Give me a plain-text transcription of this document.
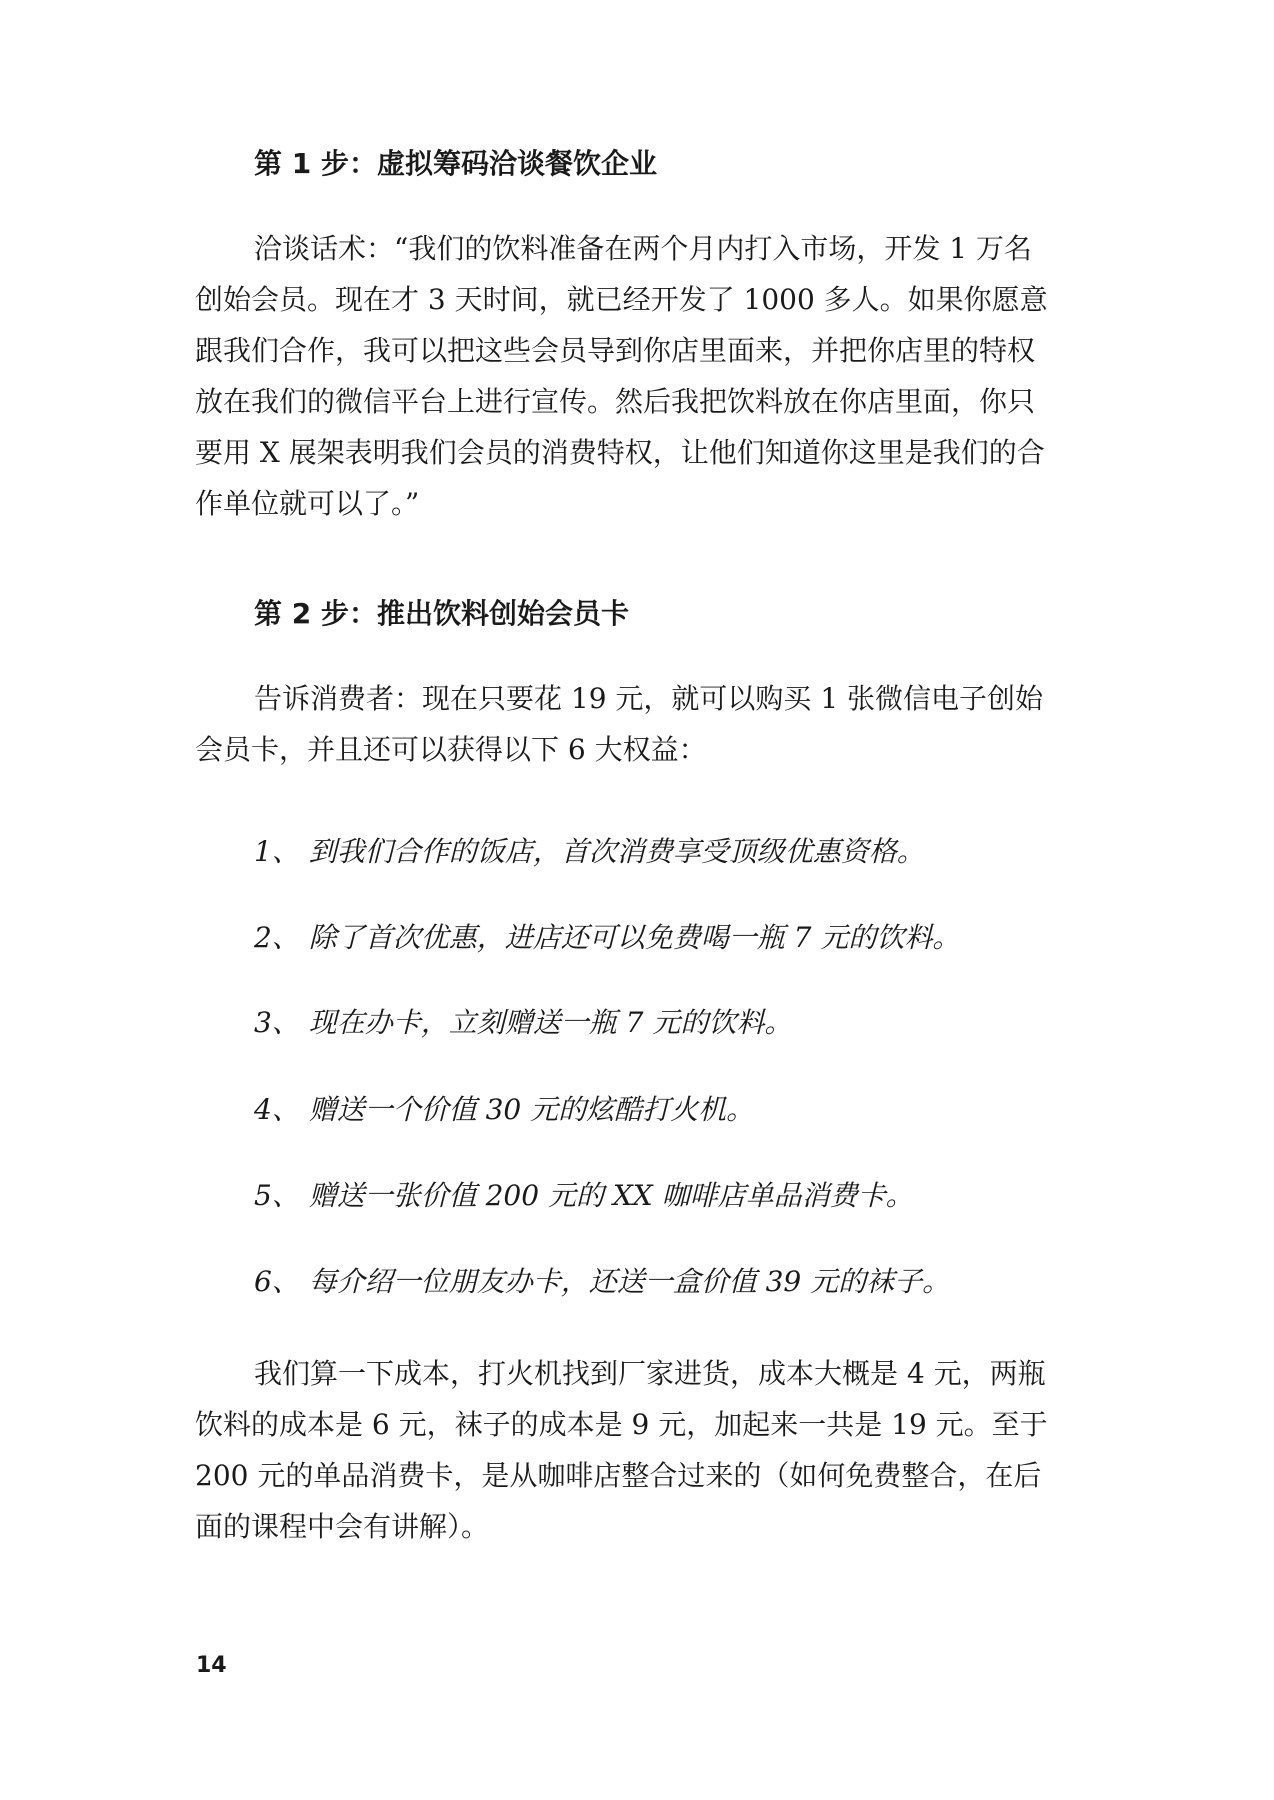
第 1 步：虚拟筹码洽谈餐饮企业
洽谈话术：“我们的饮料准备在两个月内打入市场，开发 1 万名
创始会员。现在才 3 天时间，就已经开发了 1000 多人。如果你愿意
跟我们合作，我可以把这些会员导到你店里面来，并把你店里的特权
放在我们的微信平台上进行宣传。然后我把饮料放在你店里面，你只
要用 X 展架表明我们会员的消费特权，让他们知道你这里是我们的合
作单位就可以了。”
第 2 步：推出饮料创始会员卡
告诉消费者：现在只要花 19 元，就可以购买 1 张微信电子创始
会员卡，并且还可以获得以下 6 大权益：
1、 到我们合作的饭店，首次消费享受顶级优惠资格。
2、 除了首次优惠，进店还可以免费喝一瓶 7 元的饮料。
3、 现在办卡，立刻赠送一瓶 7 元的饮料。
4、 赠送一个价值 30 元的炫酷打火机。
5、 赠送一张价值 200 元的 XX 咖啡店单品消费卡。
6、 每介绍一位朋友办卡，还送一盒价值 39 元的袜子。
我们算一下成本，打火机找到厂家进货，成本大概是 4 元，两瓶
饮料的成本是 6 元，袜子的成本是 9 元，加起来一共是 19 元。至于
200 元的单品消费卡，是从咖啡店整合过来的（如何免费整合，在后
面的课程中会有讲解）。
14
